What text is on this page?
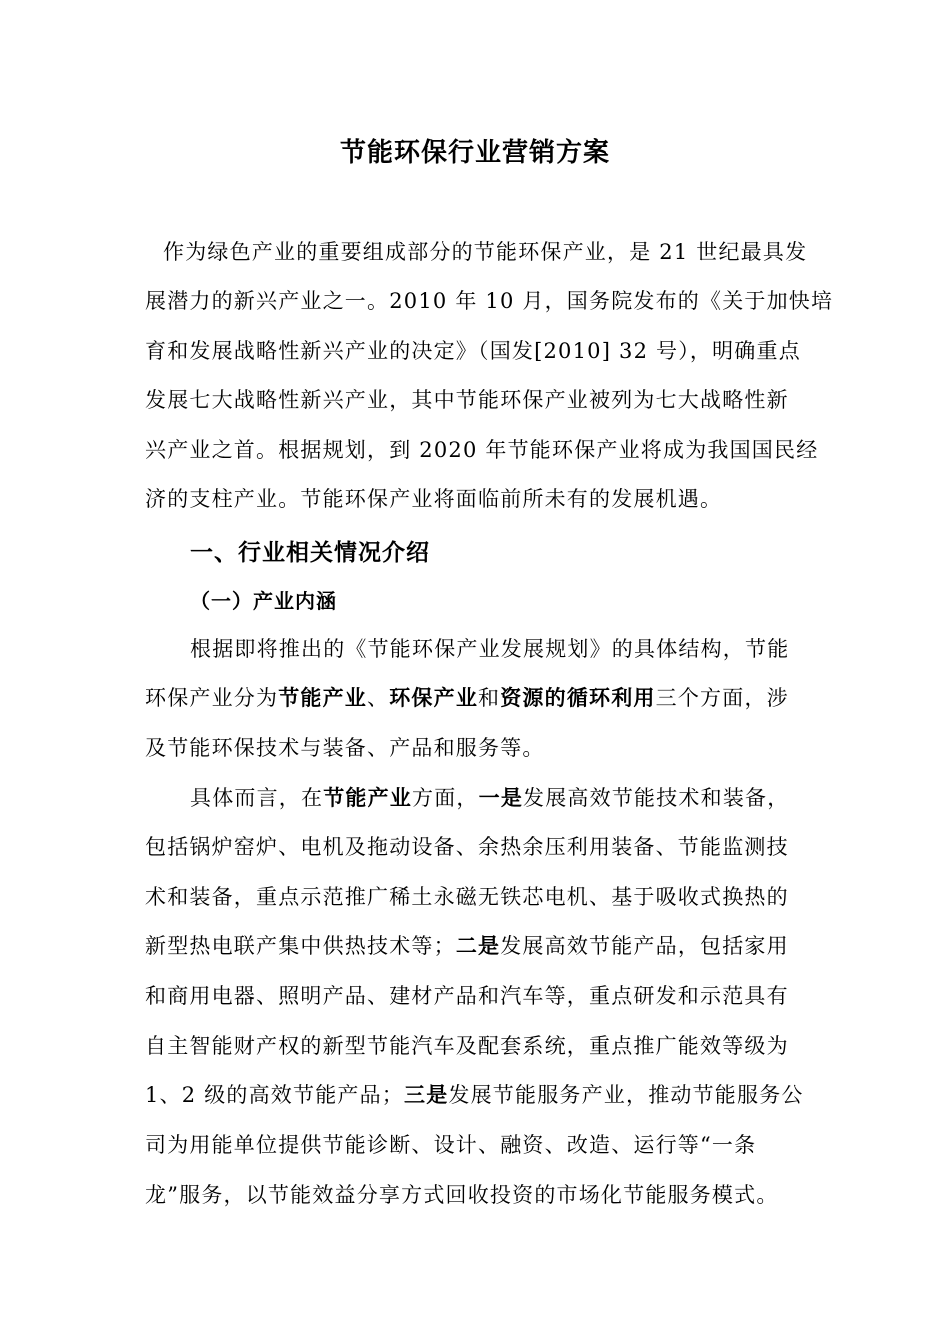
节能环保行业营销方案
作为绿色产业的重要组成部分的节能环保产业，是 21 世纪最具发
展潜力的新兴产业之一。2010 年 10 月，国务院发布的《关于加快培
育和发展战略性新兴产业的决定》（国发[2010] 32 号），明确重点
发展七大战略性新兴产业，其中节能环保产业被列为七大战略性新
兴产业之首。根据规划，到 2020 年节能环保产业将成为我国国民经
济的支柱产业。节能环保产业将面临前所未有的发展机遇。
一、行业相关情况介绍
（一）产业内涵
根据即将推出的《节能环保产业发展规划》的具体结构，节能
环保产业分为节能产业、环保产业和资源的循环利用三个方面，涉
及节能环保技术与装备、产品和服务等。
具体而言，在节能产业方面，一是发展高效节能技术和装备，
包括锅炉窑炉、电机及拖动设备、余热余压利用装备、节能监测技
术和装备，重点示范推广稀土永磁无铁芯电机、基于吸收式换热的
新型热电联产集中供热技术等；二是发展高效节能产品，包括家用
和商用电器、照明产品、建材产品和汽车等，重点研发和示范具有
自主智能财产权的新型节能汽车及配套系统，重点推广能效等级为
1、2 级的高效节能产品；三是发展节能服务产业，推动节能服务公
司为用能单位提供节能诊断、设计、融资、改造、运行等“一条
龙”服务，以节能效益分享方式回收投资的市场化节能服务模式。
